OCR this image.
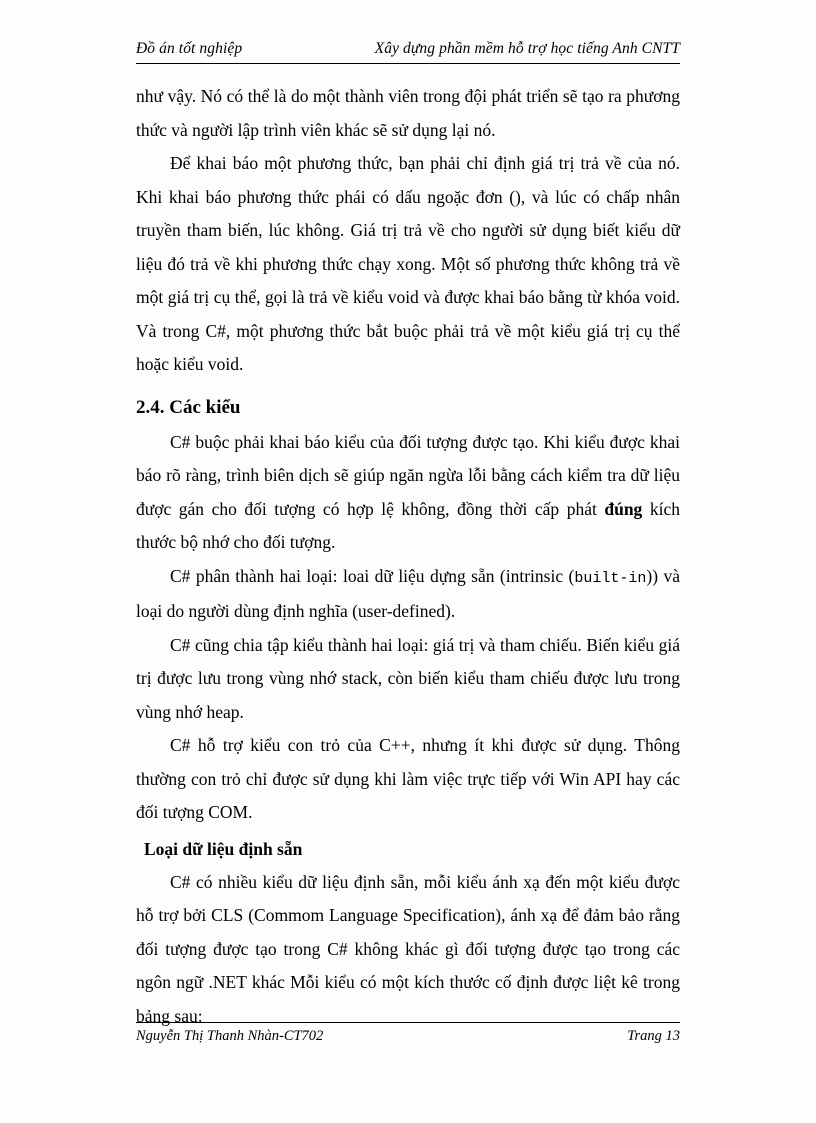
Đồ án tốt nghiệp	Xây dựng phần mềm hỗ trợ học tiếng Anh CNTT

như vậy. Nó có thể là do một thành viên trong đội phát triển sẽ tạo ra phương thức và người lập trình viên khác sẽ sử dụng lại nó.

Để khai báo một phương thức, bạn phải chỉ định giá trị trả về của nó. Khi khai báo phương thức phái có dấu ngoặc đơn (), và lúc có chấp nhân truyền tham biến, lúc không. Giá trị trả về cho người sử dụng biết kiểu dữ liệu đó trả về khi phương thức chạy xong. Một số phương thức không trả về một giá trị cụ thể, gọi là trả về kiểu void và được khai báo bằng từ khóa void. Và trong C#, một phương thức bắt buộc phải trả về một kiểu giá trị cụ thể hoặc kiểu void.

2.4. Các kiểu

C# buộc phải khai báo kiểu của đối tượng được tạo. Khi kiểu được khai báo rõ ràng, trình biên dịch sẽ giúp ngăn ngừa lỗi bằng cách kiểm tra dữ liệu được gán cho đối tượng có hợp lệ không, đồng thời cấp phát đúng kích thước bộ nhớ cho đối tượng.

C# phân thành hai loại: loai dữ liệu dựng sẵn (intrinsic (built-in)) và loại do người dùng định nghĩa (user-defined).

C# cũng chia tập kiểu thành hai loại: giá trị và tham chiếu. Biến kiểu giá trị được lưu trong vùng nhớ stack, còn biến kiểu tham chiếu được lưu trong vùng nhớ heap.

C# hỗ trợ kiểu con trỏ của C++, nhưng ít khi được sử dụng. Thông thường con trỏ chỉ được sử dụng khi làm việc trực tiếp với Win API hay các đối tượng COM.

Loại dữ liệu định sẵn

C# có nhiều kiểu dữ liệu định sẵn, mỗi kiểu ánh xạ đến một kiểu được hỗ trợ bởi CLS (Commom Language Specification), ánh xạ để đảm bảo rằng đối tượng được tạo trong C# không khác gì đối tượng được tạo trong các ngôn ngữ .NET khác Mỗi kiểu có một kích thước cố định được liệt kê trong bảng sau:

Nguyễn Thị Thanh Nhàn-CT702	Trang 13
